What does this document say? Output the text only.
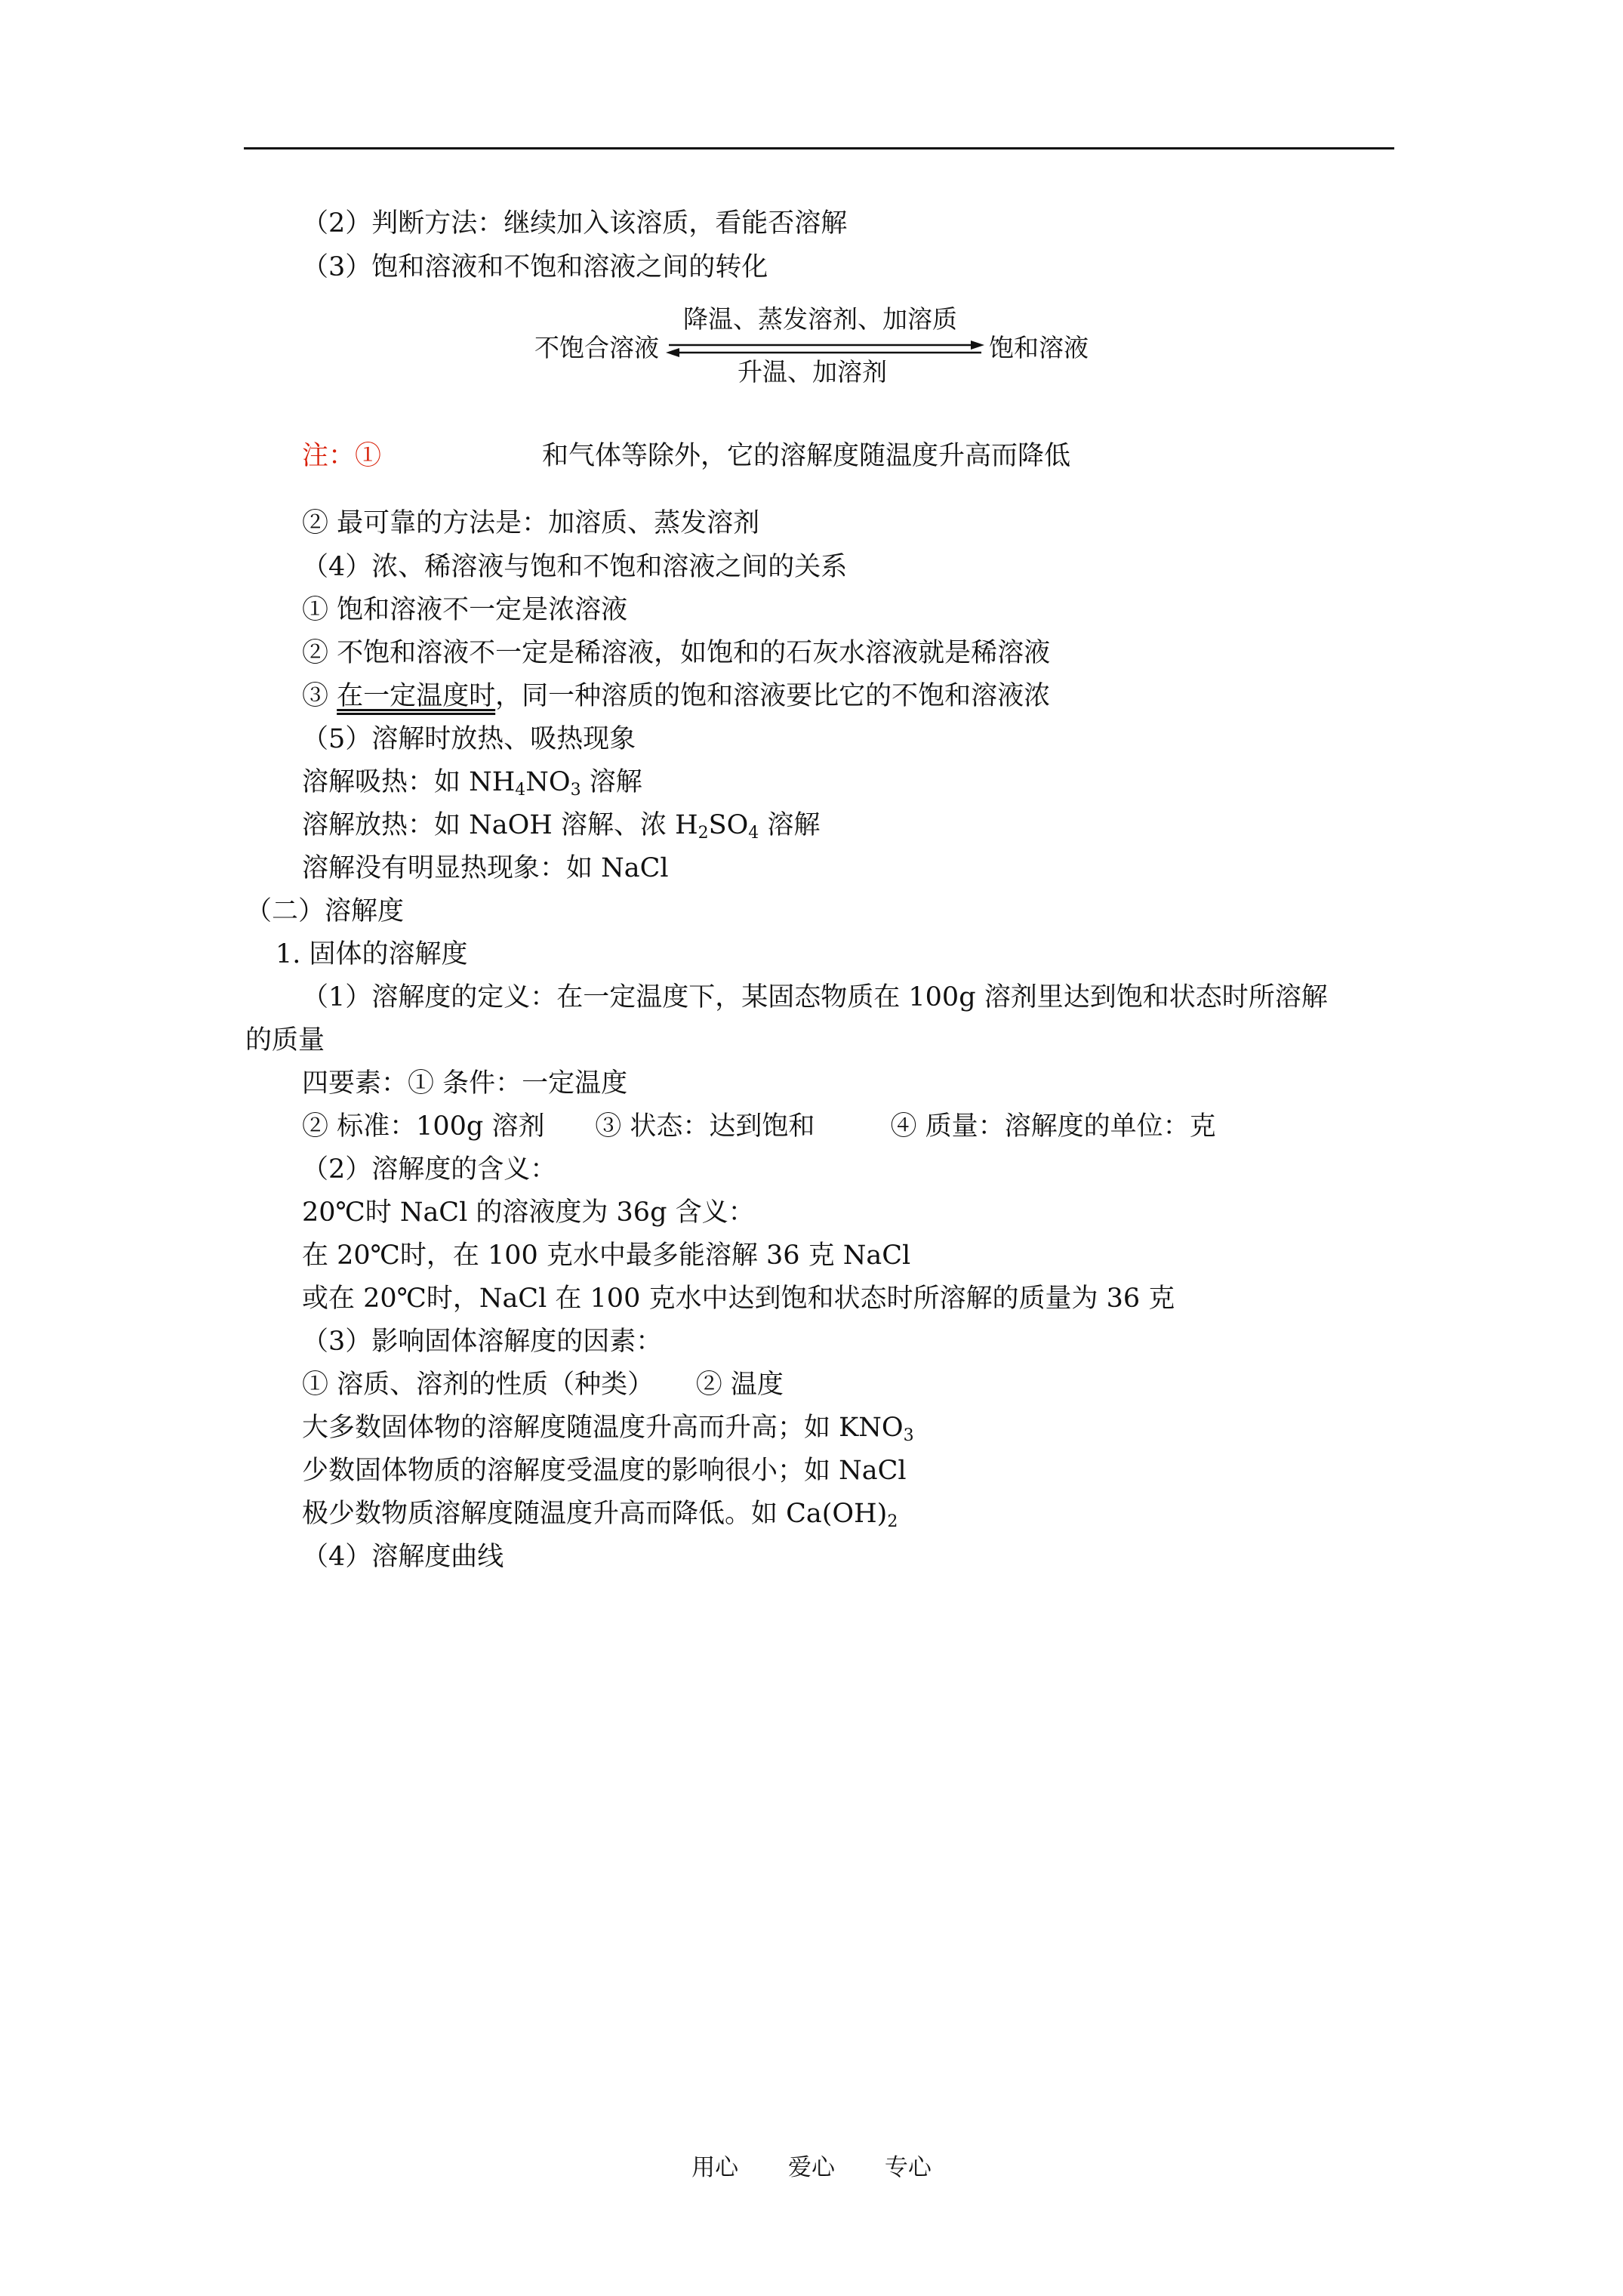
（2）判断方法：继续加入该溶质，看能否溶解
（3）饱和溶液和不饱和溶液之间的转化
不饱合溶液	饱和溶液
降温、蒸发溶剂、加溶质
升温、加溶剂
注：①	和气体等除外，它的溶解度随温度升高而降低
② 最可靠的方法是：加溶质、蒸发溶剂
（4）浓、稀溶液与饱和不饱和溶液之间的关系
① 饱和溶液不一定是浓溶液
② 不饱和溶液不一定是稀溶液，如饱和的石灰水溶液就是稀溶液
③ 在一定温度时，同一种溶质的饱和溶液要比它的不饱和溶液浓
（5）溶解时放热、吸热现象
溶解吸热：如 $NH_4NO_3$ 溶解
溶解放热：如 NaOH 溶解、浓 $H_2SO_4$ 溶解
溶解没有明显热现象：如 NaCl
（二）溶解度
1. 固体的溶解度
（1）溶解度的定义：在一定温度下，某固态物质在 100g 溶剂里达到饱和状态时所溶解
的质量
四要素：① 条件：一定温度
② 标准：100g 溶剂      ③ 状态：达到饱和         ④ 质量：溶解度的单位：克
（2）溶解度的含义：
20℃时 NaCl 的溶液度为 36g 含义：
在 20℃时，在 100 克水中最多能溶解 36 克 NaCl
或在 20℃时，NaCl 在 100 克水中达到饱和状态时所溶解的质量为 36 克
（3）影响固体溶解度的因素：
① 溶质、溶剂的性质（种类）     ② 温度
大多数固体物的溶解度随温度升高而升高；如 $KNO_3$
少数固体物质的溶解度受温度的影响很小；如 NaCl
极少数物质溶解度随温度升高而降低。如 $Ca(OH)_2$
（4）溶解度曲线
用心 爱心 专心
